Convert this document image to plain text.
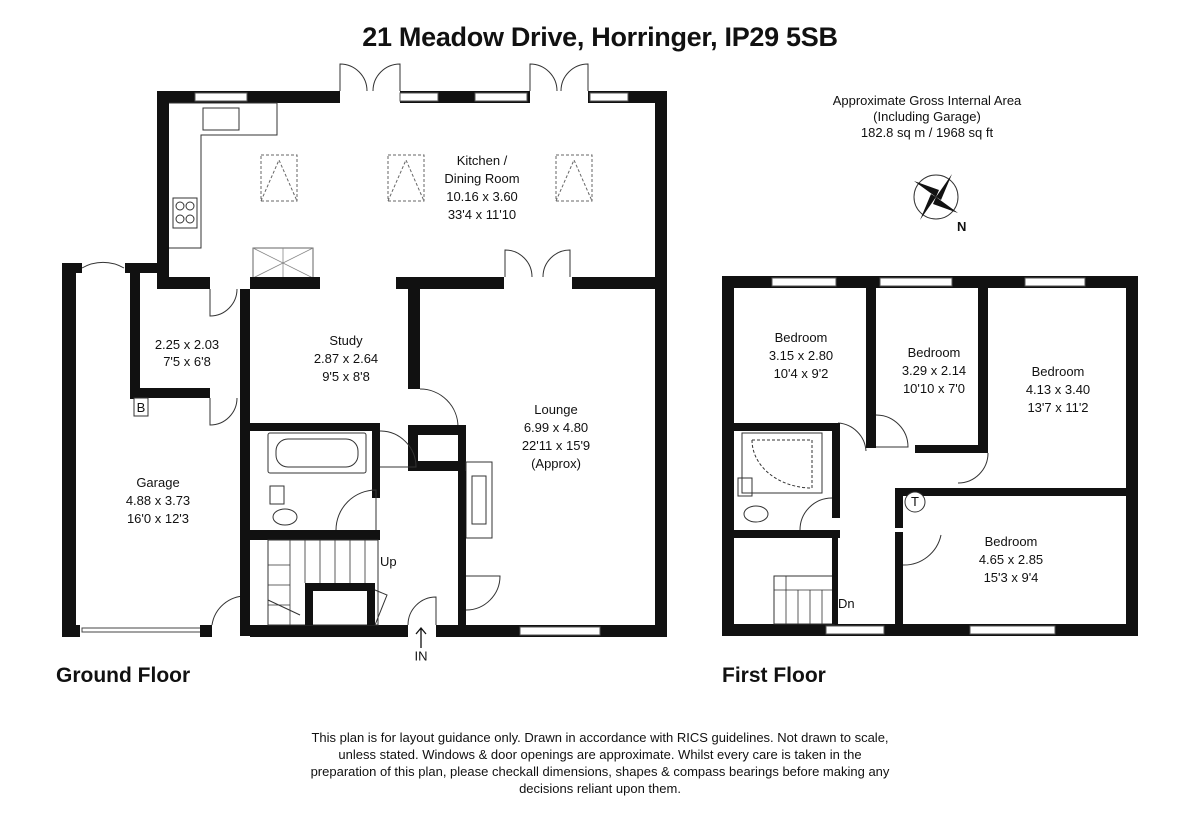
21 Meadow Drive, Horringer, IP29 5SB
Approximate Gross Internal Area
(Including Garage)
182.8 sq m / 1968 sq ft
N
Kitchen /
Dining Room
10.16 x 3.60
33'4 x 11'10
2.25 x 2.03
7'5 x 6'8
Study
2.87 x 2.64
9'5 x 8'8
Lounge
6.99 x 4.80
22'11 x 15'9
(Approx)
Garage
4.88 x 3.73
16'0 x 12'3
B
Up
IN
Bedroom
3.15 x 2.80
10'4 x 9'2
Bedroom
3.29 x 2.14
10'10 x 7'0
Bedroom
4.13 x 3.40
13'7 x 11'2
Bedroom
4.65 x 2.85
15'3 x 9'4
T
Dn
Ground Floor	First Floor
This plan is for layout guidance only. Drawn in accordance with RICS guidelines. Not drawn to scale,
unless stated. Windows & door openings are approximate. Whilst every care is taken in the
preparation of this plan, please checkall dimensions, shapes & compass bearings before making any
decisions reliant upon them.
